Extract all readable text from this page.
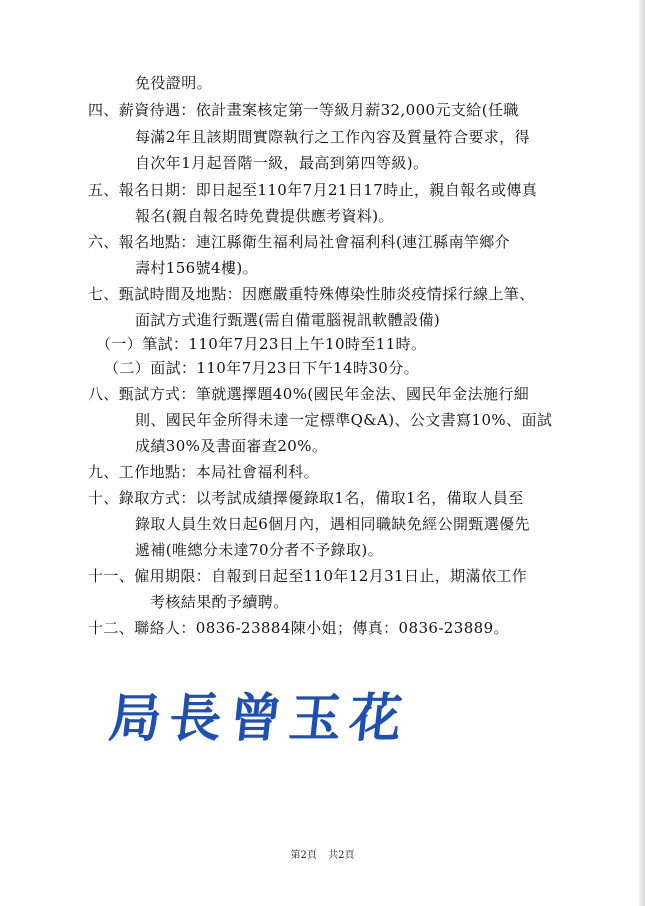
免役證明。
四、薪資待遇：依計畫案核定第一等級月薪32,000元支給(任職
每滿2年且該期間實際執行之工作內容及質量符合要求，得
自次年1月起晉階一級，最高到第四等級)。
五、報名日期：即日起至110年7月21日17時止，親自報名或傳真
報名(親自報名時免費提供應考資料)。
六、報名地點：連江縣衛生福利局社會福利科(連江縣南竿鄉介
壽村156號4樓)。
七、甄試時間及地點：因應嚴重特殊傳染性肺炎疫情採行線上筆、
面試方式進行甄選(需自備電腦視訊軟體設備)
（一）筆試：110年7月23日上午10時至11時。
（二）面試：110年7月23日下午14時30分。
八、甄試方式：筆就選擇題40%(國民年金法、國民年金法施行細
則、國民年金所得未達一定標準Q&A)、公文書寫10%、面試
成績30%及書面審查20%。
九、工作地點：本局社會福利科。
十、錄取方式：以考試成績擇優錄取1名，備取1名，備取人員至
錄取人員生效日起6個月內，遇相同職缺免經公開甄選優先
遞補(唯總分未達70分者不予錄取)。
十一、僱用期限：自報到日起至110年12月31日止，期滿依工作
考核結果酌予續聘。
十二、聯絡人：0836-23884陳小姐；傳真：0836-23889。
局長曾玉花
第2頁 共2頁
